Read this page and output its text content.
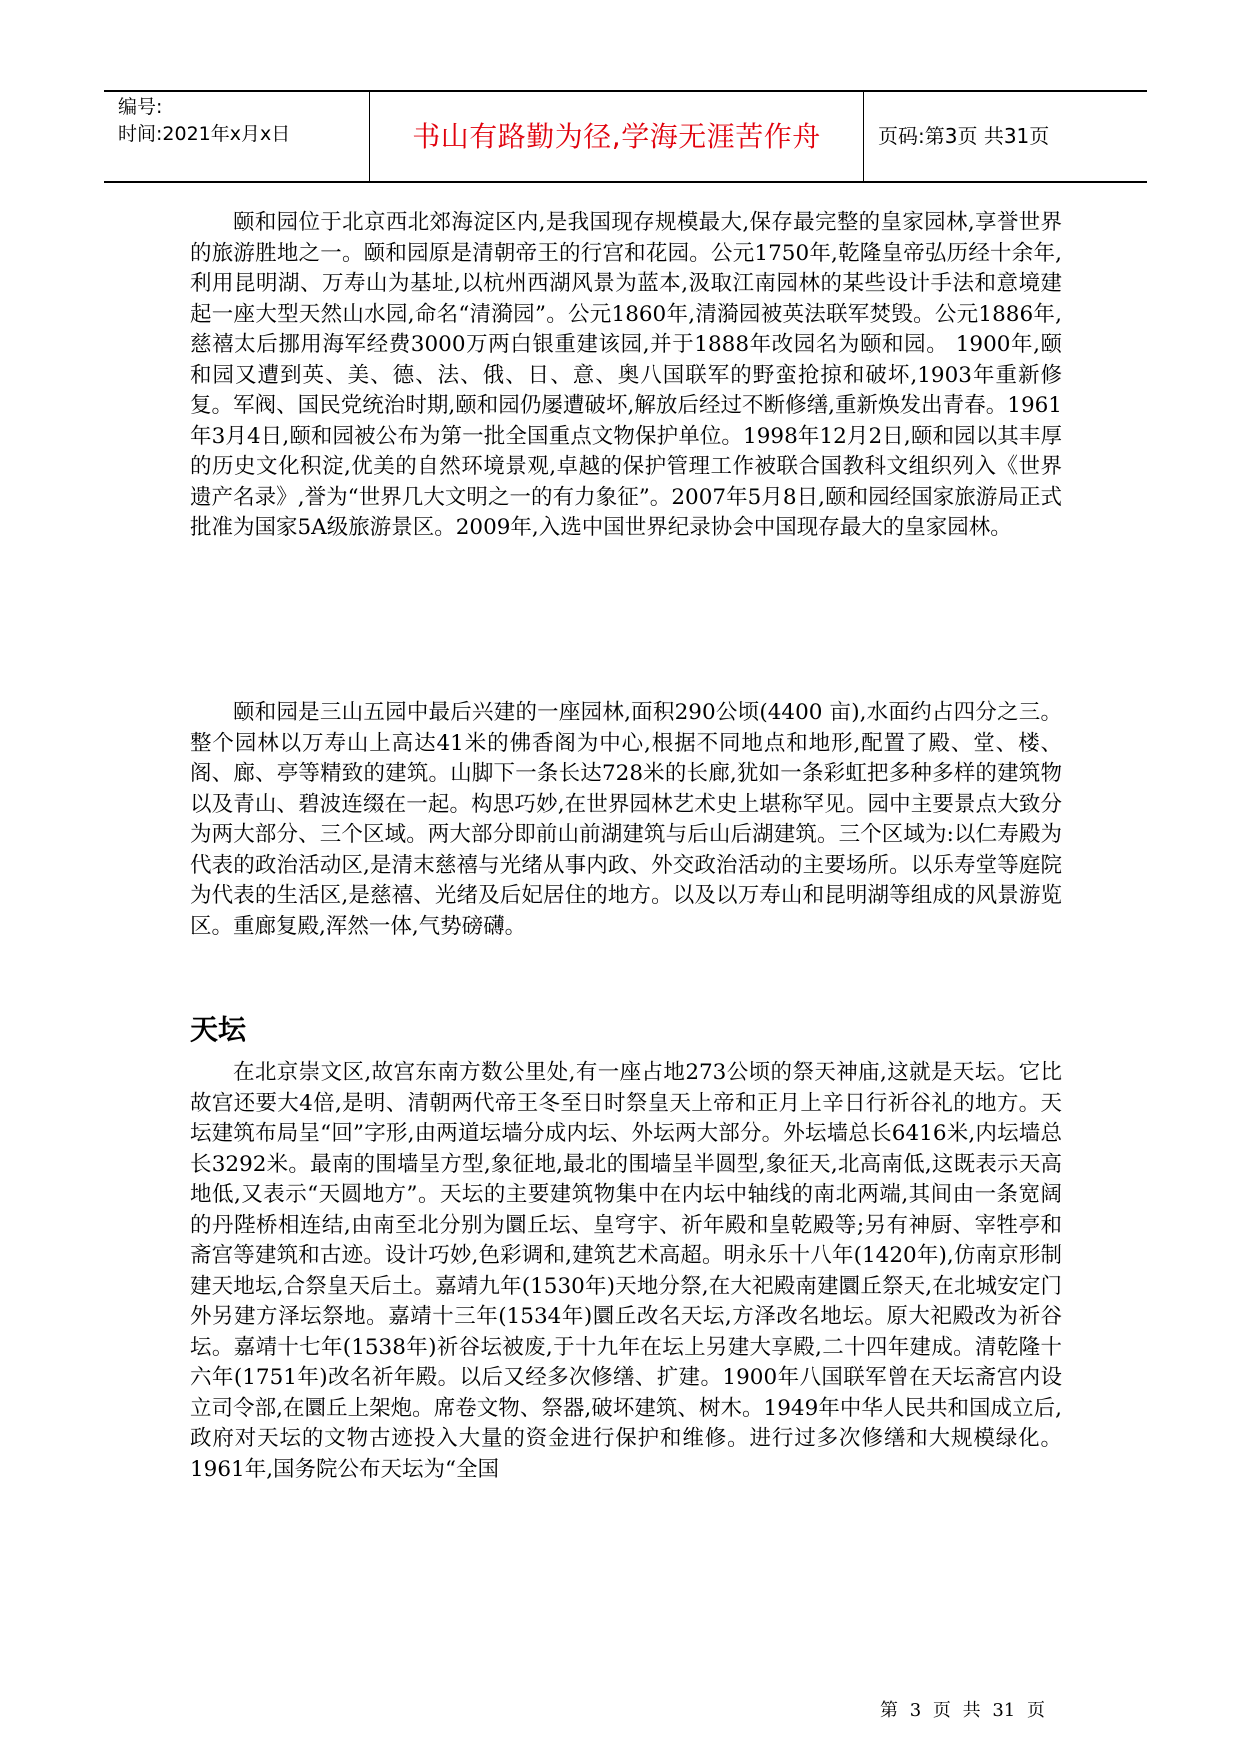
编号:
时间:2021年x月x日	书山有路勤为径,学海无涯苦作舟	页码:第3页 共31页

颐和园位于北京西北郊海淀区内,是我国现存规模最大,保存最完整的皇家园林,享誉世界的旅游胜地之一。颐和园原是清朝帝王的行宫和花园。公元1750年,乾隆皇帝弘历经十余年,利用昆明湖、万寿山为基址,以杭州西湖风景为蓝本,汲取江南园林的某些设计手法和意境建起一座大型天然山水园,命名“清漪园”。公元1860年,清漪园被英法联军焚毁。公元1886年,慈禧太后挪用海军经费3000万两白银重建该园,并于1888年改园名为颐和园。 1900年,颐和园又遭到英、美、德、法、俄、日、意、奥八国联军的野蛮抢掠和破坏,1903年重新修复。军阀、国民党统治时期,颐和园仍屡遭破坏,解放后经过不断修缮,重新焕发出青春。1961年3月4日,颐和园被公布为第一批全国重点文物保护单位。1998年12月2日,颐和园以其丰厚的历史文化积淀,优美的自然环境景观,卓越的保护管理工作被联合国教科文组织列入《世界遗产名录》,誉为“世界几大文明之一的有力象征”。2007年5月8日,颐和园经国家旅游局正式批准为国家5A级旅游景区。2009年,入选中国世界纪录协会中国现存最大的皇家园林。

颐和园是三山五园中最后兴建的一座园林,面积290公顷(4400 亩),水面约占四分之三。整个园林以万寿山上高达41米的佛香阁为中心,根据不同地点和地形,配置了殿、堂、楼、阁、廊、亭等精致的建筑。山脚下一条长达728米的长廊,犹如一条彩虹把多种多样的建筑物以及青山、碧波连缀在一起。构思巧妙,在世界园林艺术史上堪称罕见。园中主要景点大致分为两大部分、三个区域。两大部分即前山前湖建筑与后山后湖建筑。三个区域为:以仁寿殿为代表的政治活动区,是清末慈禧与光绪从事内政、外交政治活动的主要场所。以乐寿堂等庭院为代表的生活区,是慈禧、光绪及后妃居住的地方。以及以万寿山和昆明湖等组成的风景游览区。重廊复殿,浑然一体,气势磅礴。

天坛

在北京崇文区,故宫东南方数公里处,有一座占地273公顷的祭天神庙,这就是天坛。它比故宫还要大4倍,是明、清朝两代帝王冬至日时祭皇天上帝和正月上辛日行祈谷礼的地方。天坛建筑布局呈“回”字形,由两道坛墙分成内坛、外坛两大部分。外坛墙总长6416米,内坛墙总长3292米。最南的围墙呈方型,象征地,最北的围墙呈半圆型,象征天,北高南低,这既表示天高地低,又表示“天圆地方”。天坛的主要建筑物集中在内坛中轴线的南北两端,其间由一条宽阔的丹陛桥相连结,由南至北分别为圜丘坛、皇穹宇、祈年殿和皇乾殿等;另有神厨、宰牲亭和斋宫等建筑和古迹。设计巧妙,色彩调和,建筑艺术高超。明永乐十八年(1420年),仿南京形制建天地坛,合祭皇天后土。嘉靖九年(1530年)天地分祭,在大祀殿南建圜丘祭天,在北城安定门外另建方泽坛祭地。嘉靖十三年(1534年)圜丘改名天坛,方泽改名地坛。原大祀殿改为祈谷坛。嘉靖十七年(1538年)祈谷坛被废,于十九年在坛上另建大享殿,二十四年建成。清乾隆十六年(1751年)改名祈年殿。以后又经多次修缮、扩建。1900年八国联军曾在天坛斋宫内设立司令部,在圜丘上架炮。席卷文物、祭器,破坏建筑、树木。1949年中华人民共和国成立后,政府对天坛的文物古迹投入大量的资金进行保护和维修。进行过多次修缮和大规模绿化。1961年,国务院公布天坛为“全国

第 3 页 共 31 页
